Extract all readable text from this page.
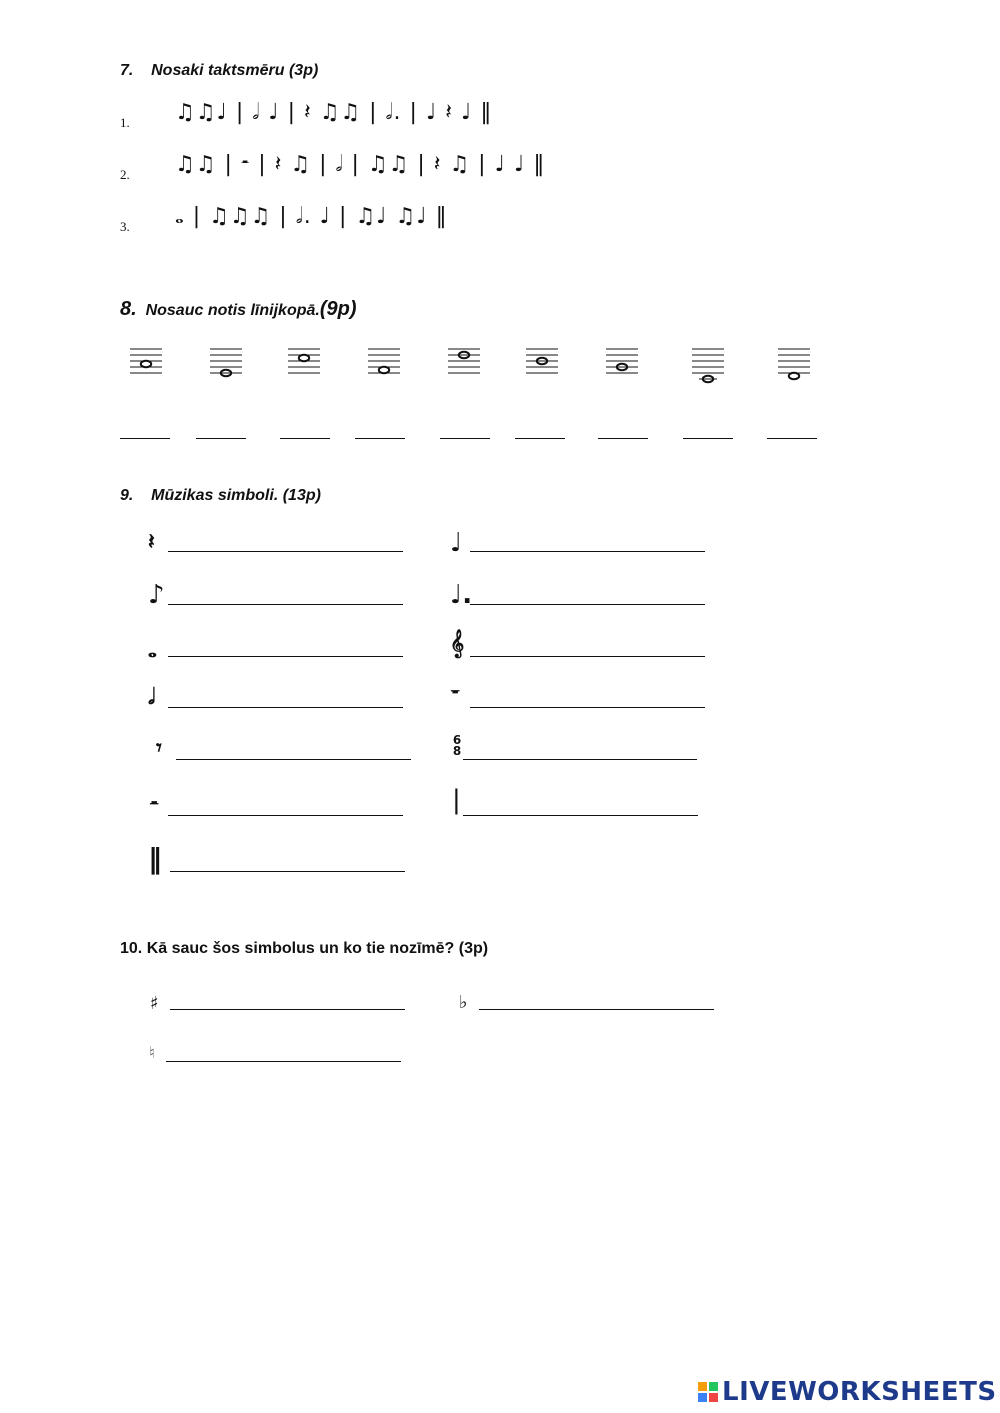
7. Nosaki taktsmēru (3p)
1. ♫♫♩ | 𝅗𝅥 ♩ | 𝄽 ♫♫ | 𝅗𝅥. | ♩ 𝄽 ♩ ‖
2. ♫♫ | 𝄼 | 𝄽 ♫ | 𝅗𝅥 | ♫♫ | 𝄽 ♫ | ♩ ♩ ‖
3. 𝅝 | ♫♫♫ | 𝅗𝅥. ♩ | ♫♩ ♫♩ ‖
8. Nosauc notis līnijkopā.(9p)
9. Mūzikas simboli. (13p)
𝄽
♪
𝅝
𝅗𝅥
𝄾
𝄼
‖
♩
♩.
𝄞
𝄻
6
8
|
10. Kā sauc šos simbolus un ko tie nozīmē? (3p)
♯	♭
♮
LIVEWORKSHEETS
